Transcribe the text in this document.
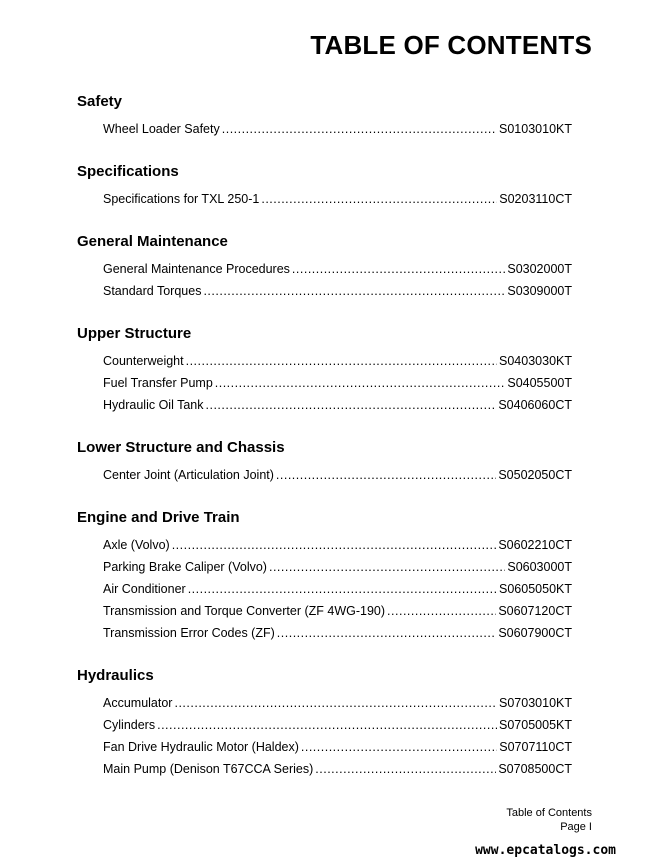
TABLE OF CONTENTS
Safety
Wheel Loader Safety .....	S0103010KT
Specifications
Specifications for TXL 250-1 .....	S0203110CT
General Maintenance
General Maintenance Procedures .....	S0302000T
Standard Torques .....	S0309000T
Upper Structure
Counterweight .....	S0403030KT
Fuel Transfer Pump .....	S0405500T
Hydraulic Oil Tank .....	S0406060CT
Lower Structure and Chassis
Center Joint (Articulation Joint) .....	S0502050CT
Engine and Drive Train
Axle (Volvo) .....	S0602210CT
Parking Brake Caliper (Volvo) .....	S0603000T
Air Conditioner .....	S0605050KT
Transmission and Torque Converter (ZF 4WG-190) .....	S0607120CT
Transmission Error Codes (ZF) .....	S0607900CT
Hydraulics
Accumulator .....	S0703010KT
Cylinders .....	S0705005KT
Fan Drive Hydraulic Motor (Haldex) .....	S0707110CT
Main Pump (Denison T67CCA Series) .....	S0708500CT
Table of Contents
Page I
www.epcatalogs.com
